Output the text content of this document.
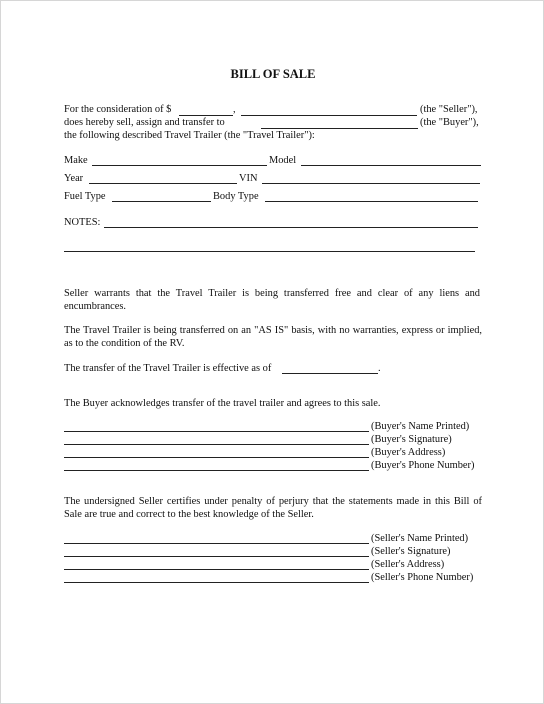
BILL OF SALE
For the consideration of $	,	(the "Seller"),
does hereby sell, assign and transfer to	(the "Buyer"),
the following described Travel Trailer (the "Travel Trailer"):
Make	Model
Year	VIN
Fuel Type	Body Type
NOTES:
Seller warrants that the Travel Trailer is being transferred free and clear of any liens and encumbrances.
The Travel Trailer is being transferred on an "AS IS" basis, with no warranties, express or implied, as to the condition of the RV.
The transfer of the Travel Trailer is effective as of	.
The Buyer acknowledges transfer of the travel trailer and agrees to this sale.
(Buyer's Name Printed)
(Buyer's Signature)
(Buyer's Address)
(Buyer's Phone Number)
The undersigned Seller certifies under penalty of perjury that the statements made in this Bill of Sale are true and correct to the best knowledge of the Seller.
(Seller's Name Printed)
(Seller's Signature)
(Seller's Address)
(Seller's Phone Number)
